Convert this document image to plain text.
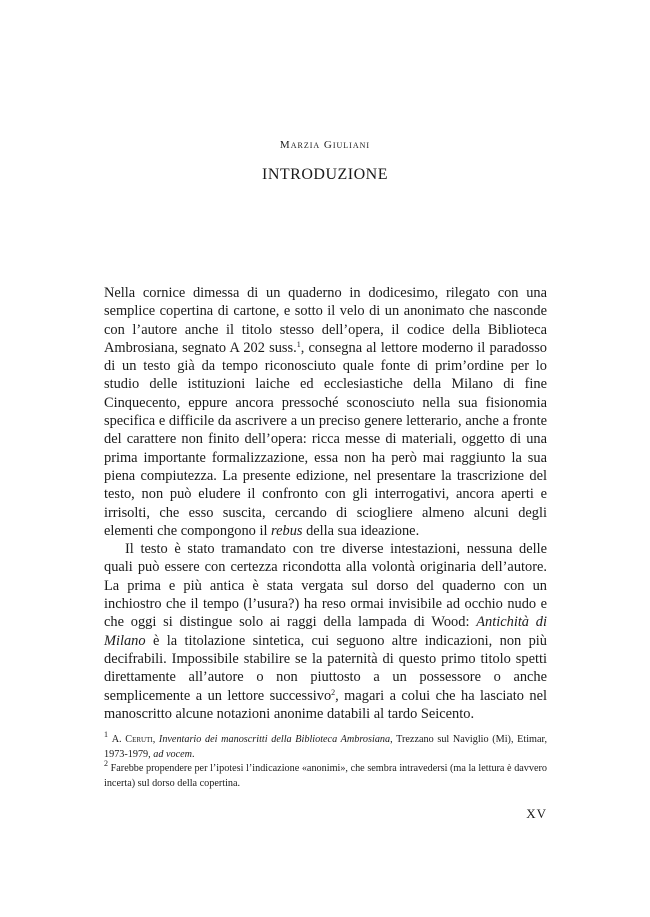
Marzia Giuliani

INTRODUZIONE

Nella cornice dimessa di un quaderno in dodicesimo, rilegato con una semplice copertina di cartone, e sotto il velo di un anonimato che nasconde con l’autore anche il titolo stesso dell’opera, il codice della Biblioteca Ambrosiana, segnato A 202 suss.$^1$, consegna al lettore moderno il paradosso di un testo già da tempo riconosciuto quale fonte di prim’ordine per lo studio delle istituzioni laiche ed ecclesiastiche della Milano di fine Cinquecento, eppure ancora pressoché sconosciuto nella sua fisionomia specifica e difficile da ascrivere a un preciso genere letterario, anche a fronte del carattere non finito dell’opera: ricca messe di materiali, oggetto di una prima importante formalizzazione, essa non ha però mai raggiunto la sua piena compiutezza. La presente edizione, nel presentare la trascrizione del testo, non può eludere il confronto con gli interrogativi, ancora aperti e irrisolti, che esso suscita, cercando di sciogliere almeno alcuni degli elementi che compongono il rebus della sua ideazione.

Il testo è stato tramandato con tre diverse intestazioni, nessuna delle quali può essere con certezza ricondotta alla volontà originaria dell’autore. La prima e più antica è stata vergata sul dorso del quaderno con un inchiostro che il tempo (l’usura?) ha reso ormai invisibile ad occhio nudo e che oggi si distingue solo ai raggi della lampada di Wood: Antichità di Milano è la titolazione sintetica, cui seguono altre indicazioni, non più decifrabili. Impossibile stabilire se la paternità di questo primo titolo spetti direttamente all’autore o non piuttosto a un possessore o anche semplicemente a un lettore successivo$^2$, magari a colui che ha lasciato nel manoscritto alcune notazioni anonime databili al tardo Seicento.

$^1$ A. Ceruti, Inventario dei manoscritti della Biblioteca Ambrosiana, Trezzano sul Naviglio (Mi), Etimar, 1973-1979, ad vocem.

$^2$ Farebbe propendere per l’ipotesi l’indicazione «anonimi», che sembra intravedersi (ma la lettura è davvero incerta) sul dorso della copertina.

XV
